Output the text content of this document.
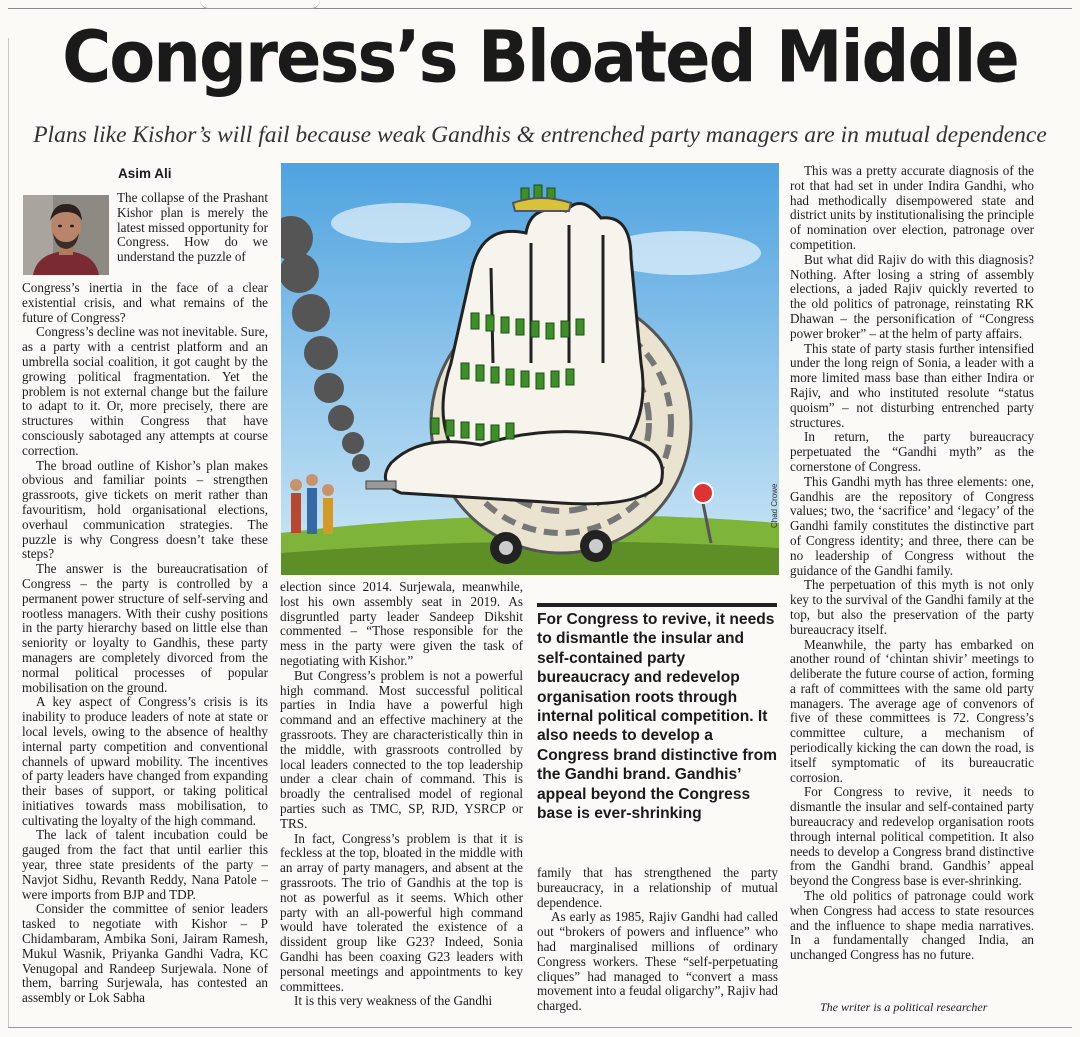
Congress’s Bloated Middle
Plans like Kishor’s will fail because weak Gandhis & entrenched party managers are in mutual dependence
Asim Ali

The collapse of the Prashant Kishor plan is merely the latest missed opportunity for Congress. How do we understand the puzzle of

Congress’s inertia in the face of a clear existential crisis, and what remains of the future of Congress?

Congress’s decline was not inevitable. Sure, as a party with a centrist platform and an umbrella social coalition, it got caught by the growing political fragmentation. Yet the problem is not external change but the failure to adapt to it. Or, more precisely, there are structures within Congress that have consciously sabotaged any attempts at course correction.

The broad outline of Kishor’s plan makes obvious and familiar points – strengthen grassroots, give tickets on merit rather than favouritism, hold organisational elections, overhaul communication strategies. The puzzle is why Congress doesn’t take these steps?

The answer is the bureaucratisation of Congress – the party is controlled by a permanent power structure of self-serving and rootless managers. With their cushy positions in the party hierarchy based on little else than seniority or loyalty to Gandhis, these party managers are completely divorced from the normal political processes of popular mobilisation on the ground.

A key aspect of Congress’s crisis is its inability to produce leaders of note at state or local levels, owing to the absence of healthy internal party competition and conventional channels of upward mobility. The incentives of party leaders have changed from expanding their bases of support, or taking political initiatives towards mass mobilisation, to cultivating the loyalty of the high command.

The lack of talent incubation could be gauged from the fact that until earlier this year, three state presidents of the party – Navjot Sidhu, Revanth Reddy, Nana Patole – were imports from BJP and TDP.

Consider the committee of senior leaders tasked to negotiate with Kishor – P Chidambaram, Ambika Soni, Jairam Ramesh, Mukul Wasnik, Priyanka Gandhi Vadra, KC Venugopal and Randeep Surjewala. None of them, barring Surjewala, has contested an assembly or Lok Sabha

Chad Crowe

election since 2014. Surjewala, meanwhile, lost his own assembly seat in 2019. As disgruntled party leader Sandeep Dikshit commented – “Those responsible for the mess in the party were given the task of negotiating with Kishor.”

But Congress’s problem is not a powerful high command. Most successful political parties in India have a powerful high command and an effective machinery at the grassroots. They are characteristically thin in the middle, with grassroots controlled by local leaders connected to the top leadership under a clear chain of command. This is broadly the centralised model of regional parties such as TMC, SP, RJD, YSRCP or TRS.

In fact, Congress’s problem is that it is feckless at the top, bloated in the middle with an array of party managers, and absent at the grassroots. The trio of Gandhis at the top is not as powerful as it seems. Which other party with an all-powerful high command would have tolerated the existence of a dissident group like G23? Indeed, Sonia Gandhi has been coaxing G23 leaders with personal meetings and appointments to key committees.

It is this very weakness of the Gandhi

For Congress to revive, it needs to dismantle the insular and self-contained party bureaucracy and redevelop organisation roots through internal political competition. It also needs to develop a Congress brand distinctive from the Gandhi brand. Gandhis’ appeal beyond the Congress base is ever-shrinking

family that has strengthened the party bureaucracy, in a relationship of mutual dependence.

As early as 1985, Rajiv Gandhi had called out “brokers of powers and influence” who had marginalised millions of ordinary Congress workers. These “self-perpetuating cliques” had managed to “convert a mass movement into a feudal oligarchy”, Rajiv had charged.

This was a pretty accurate diagnosis of the rot that had set in under Indira Gandhi, who had methodically disempowered state and district units by institutionalising the principle of nomination over election, patronage over competition.

But what did Rajiv do with this diagnosis? Nothing. After losing a string of assembly elections, a jaded Rajiv quickly reverted to the old politics of patronage, reinstating RK Dhawan – the personification of “Congress power broker” – at the helm of party affairs.

This state of party stasis further intensified under the long reign of Sonia, a leader with a more limited mass base than either Indira or Rajiv, and who instituted resolute “status quoism” – not disturbing entrenched party structures.

In return, the party bureaucracy perpetuated the “Gandhi myth” as the cornerstone of Congress.

This Gandhi myth has three elements: one, Gandhis are the repository of Congress values; two, the ‘sacrifice’ and ‘legacy’ of the Gandhi family constitutes the distinctive part of Congress identity; and three, there can be no leadership of Congress without the guidance of the Gandhi family.

The perpetuation of this myth is not only key to the survival of the Gandhi family at the top, but also the preservation of the party bureaucracy itself.

Meanwhile, the party has embarked on another round of ‘chintan shivir’ meetings to deliberate the future course of action, forming a raft of committees with the same old party managers. The average age of convenors of five of these committees is 72. Congress’s committee culture, a mechanism of periodically kicking the can down the road, is itself symptomatic of its bureaucratic corrosion.

For Congress to revive, it needs to dismantle the insular and self-contained party bureaucracy and redevelop organisation roots through internal political competition. It also needs to develop a Congress brand distinctive from the Gandhi brand. Gandhis’ appeal beyond the Congress base is ever-shrinking.

The old politics of patronage could work when Congress had access to state resources and the influence to shape media narratives. In a fundamentally changed India, an unchanged Congress has no future.

The writer is a political researcher
